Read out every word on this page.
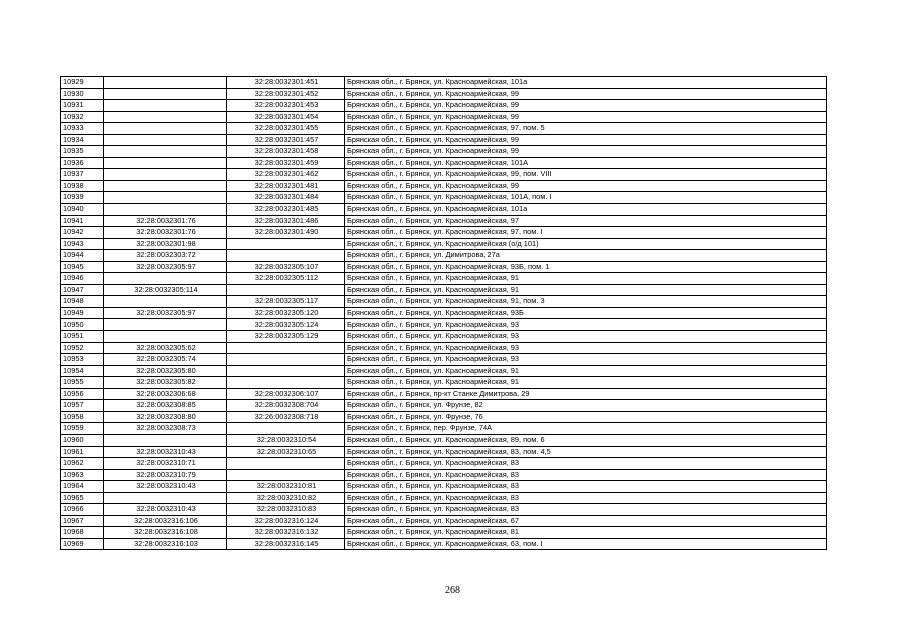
10929		32:28:0032301:451	Брянская обл., г. Брянск, ул. Красноармейская, 101а
10930		32:28:0032301:452	Брянская обл., г. Брянск, ул. Красноармейская, 99
10931		32:28:0032301:453	Брянская обл., г. Брянск, ул. Красноармейская, 99
10932		32:28:0032301:454	Брянская обл., г. Брянск, ул. Красноармейская, 99
10933		32:28:0032301:455	Брянская обл., г. Брянск, ул. Красноармейская, 97, пом. 5
10934		32:28:0032301:457	Брянская обл., г. Брянск, ул. Красноармейская, 99
10935		32:28:0032301:458	Брянская обл., г. Брянск, ул. Красноармейская, 99
10936		32:28:0032301:459	Брянская обл., г. Брянск, ул. Красноармейская, 101А
10937		32:28:0032301:462	Брянская обл., г. Брянск, ул. Красноармейская, 99, пом. VIII
10938		32:28:0032301:481	Брянская обл., г. Брянск, ул. Красноармейская, 99
10939		32:28:0032301:484	Брянская обл., г. Брянск, ул. Красноармейская, 101А, пом. I
10940		32:28:0032301:485	Брянская обл., г. Брянск, ул. Красноармейская, 101а
10941	32:28:0032301:76	32:28:0032301:486	Брянская обл., г. Брянск, ул. Красноармейская, 97
10942	32:28:0032301:76	32:28:0032301:490	Брянская обл., г. Брянск, ул. Красноармейская, 97, пом. I
10943	32:28:0032301:98		Брянская обл., г. Брянск, ул. Красноармейская (о/д 101)
10944	32:28:0032303:72		Брянская обл., г. Брянск, ул. Димитрова, 27а
10945	32:28:0032305:97	32:28:0032305:107	Брянская обл., г. Брянск, ул. Красноармейская, 93Б, пом. 1
10946		32:28:0032305:112	Брянская обл., г. Брянск, ул. Красноармейская, 91
10947	32:28:0032305:114		Брянская обл., г. Брянск, ул. Красноармейская, 91
10948		32:28:0032305:117	Брянская обл., г. Брянск, ул. Красноармейская, 91, пом. 3
10949	32:28:0032305:97	32:28:0032305:120	Брянская обл., г. Брянск, ул. Красноармейская, 93Б
10950		32:28:0032305:124	Брянская обл., г. Брянск, ул. Красноармейская, 93
10951		32:28:0032305:129	Брянская обл., г. Брянск, ул. Красноармейская, 93
10952	32:28:0032305:62		Брянская обл., г. Брянск, ул. Красноармейская, 93
10953	32:28:0032305:74		Брянская обл., г. Брянск, ул. Красноармейская, 93
10954	32:28:0032305:80		Брянская обл., г. Брянск, ул. Красноармейская, 91
10955	32:28:0032305:82		Брянская обл., г. Брянск, ул. Красноармейская, 91
10956	32:28:0032306:68	32:28:0032306:107	Брянская обл., г. Брянск, пр-кт Станке Димитрова, 29
10957	32:28:0032308:85	32:28:0032308:704	Брянская обл., г. Брянск, ул. Фрунзе, 82
10958	32:28:0032308:80	32:26:0032308:718	Брянская обл., г. Брянск, ул. Фрунзе, 76
10959	32:28:0032308:73		Брянская обл., г. Брянск, пер. Фрунзе, 74А
10960		32:28:0032310:54	Брянская обл., г. Брянск, ул. Красноармейская, 89, пом. 6
10961	32:28:0032310:43	32:28:0032310:65	Брянская обл., г. Брянск, ул. Красноармейская, 83, пом. 4,5
10962	32:28:0032310:71		Брянская обл., г. Брянск, ул. Красноармейская, 83
10963	32:28:0032310:79		Брянская обл., г. Брянск, ул. Красноармейская, 83
10964	32:28:0032310:43	32:28:0032310:81	Брянская обл., г. Брянск, ул. Красноармейская, 83
10965		32:28:0032310:82	Брянская обл., г. Брянск, ул. Красноармейская, 83
10966	32:28:0032310:43	32:28:0032310:83	Брянская обл., г. Брянск, ул. Красноармейская, 83
10967	32:28:0032316:106	32:28:0032316:124	Брянская обл., г. Брянск, ул. Красноармейская, 67
10968	32:28:0032316:108	32:28:0032316:132	Брянская обл., г. Брянск, ул. Красноармейская, 81
10969	32:28:0032316:103	32:28:0032316:145	Брянская обл., г. Брянск, ул. Красноармейская, 63, пом. I
268
